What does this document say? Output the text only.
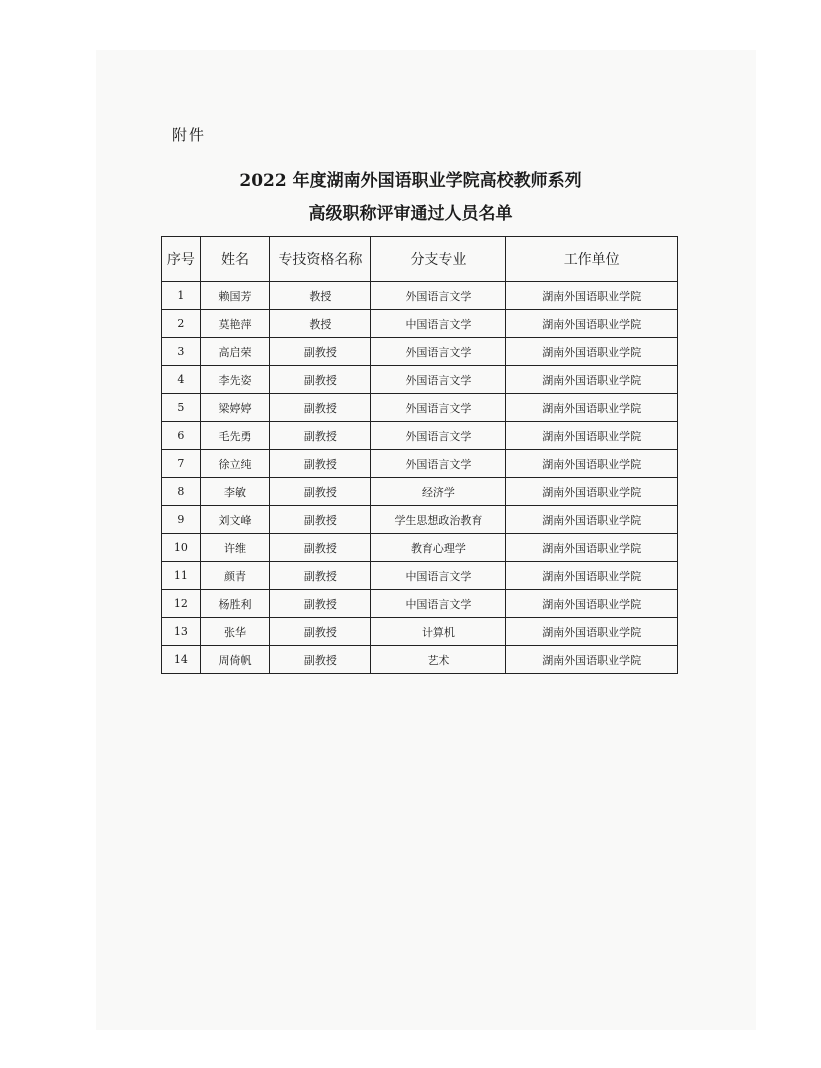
附件
2022 年度湖南外国语职业学院高校教师系列
高级职称评审通过人员名单
序号	姓名	专技资格名称	分支专业	工作单位
1	赖国芳	教授	外国语言文学	湖南外国语职业学院
2	莫艳萍	教授	中国语言文学	湖南外国语职业学院
3	高启荣	副教授	外国语言文学	湖南外国语职业学院
4	李先姿	副教授	外国语言文学	湖南外国语职业学院
5	梁婷婷	副教授	外国语言文学	湖南外国语职业学院
6	毛先勇	副教授	外国语言文学	湖南外国语职业学院
7	徐立纯	副教授	外国语言文学	湖南外国语职业学院
8	李敏	副教授	经济学	湖南外国语职业学院
9	刘文峰	副教授	学生思想政治教育	湖南外国语职业学院
10	许维	副教授	教育心理学	湖南外国语职业学院
11	颜青	副教授	中国语言文学	湖南外国语职业学院
12	杨胜利	副教授	中国语言文学	湖南外国语职业学院
13	张华	副教授	计算机	湖南外国语职业学院
14	周倚帆	副教授	艺术	湖南外国语职业学院
